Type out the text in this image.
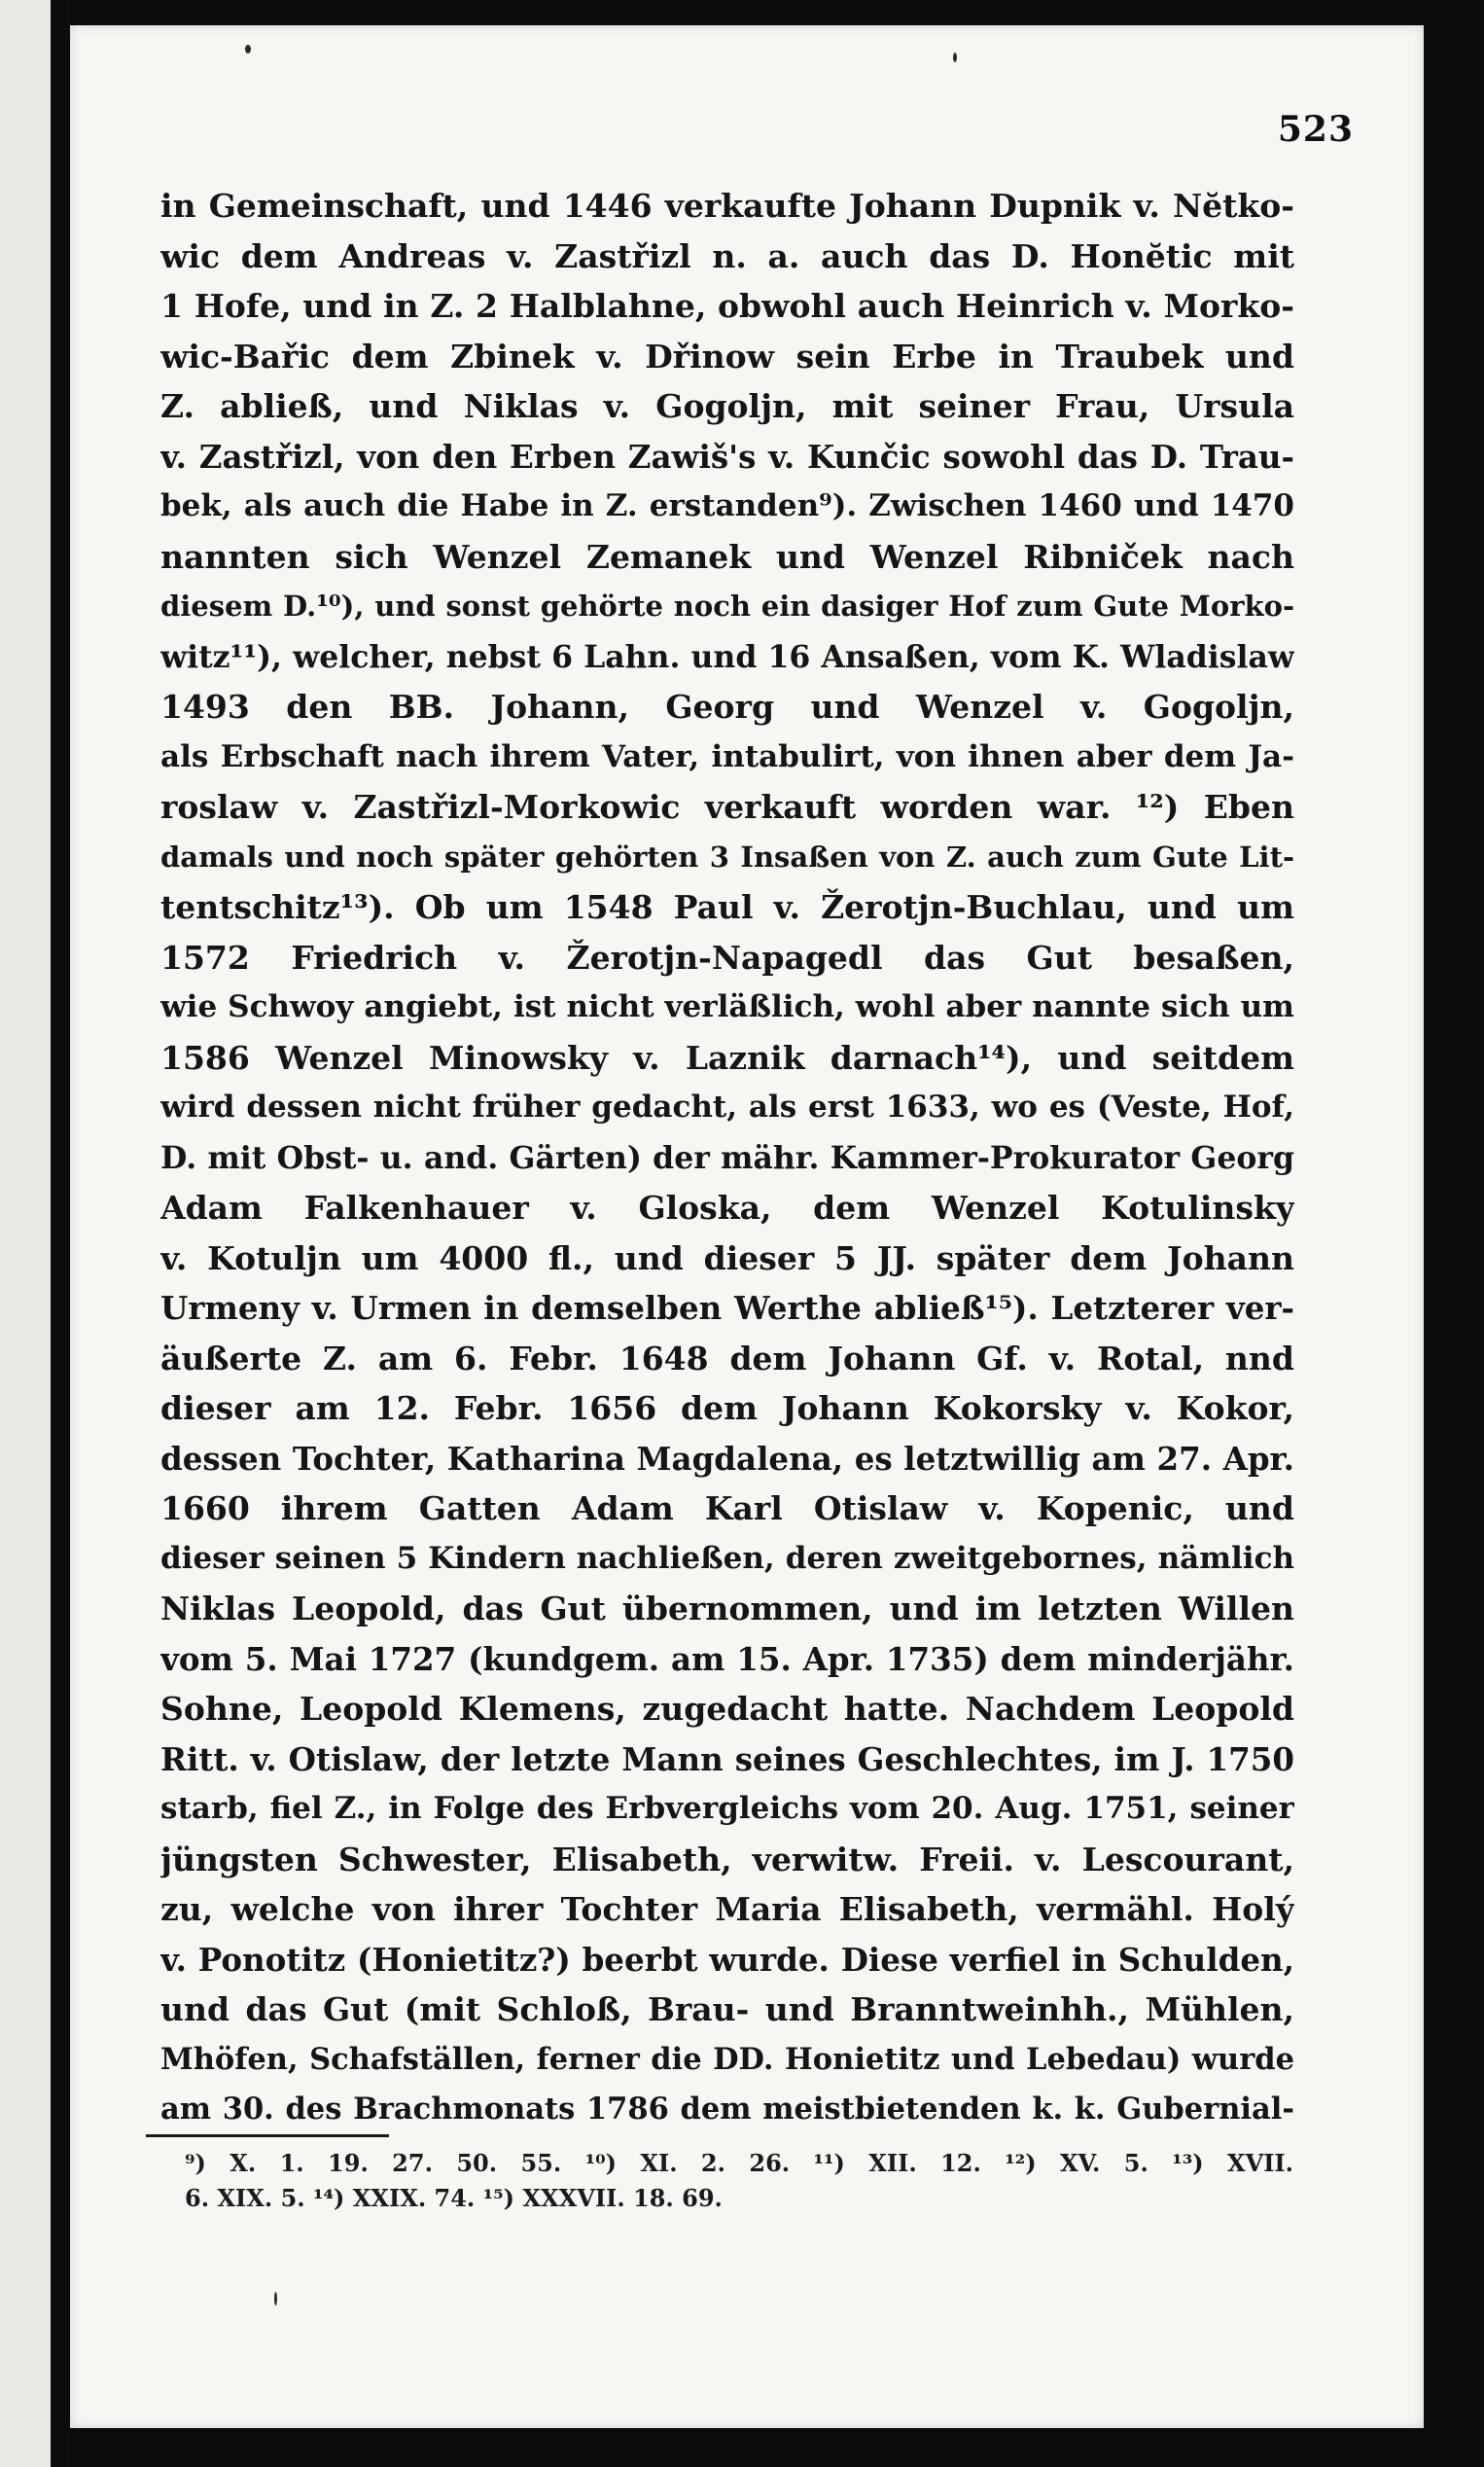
523
in Gemeinschaft, und 1446 verkaufte Johann Dupnik v. Nĕtko-
wic dem Andreas v. Zastřizl n. a. auch das D. Honĕtic mit
1 Hofe, und in Z. 2 Halblahne, obwohl auch Heinrich v. Morko-
wic-Bařic dem Zbinek v. Dřinow sein Erbe in Traubek und
Z. abließ, und Niklas v. Gogoljn, mit seiner Frau, Ursula
v. Zastřizl, von den Erben Zawiš's v. Kunčic sowohl das D. Trau-
bek, als auch die Habe in Z. erstanden⁹). Zwischen 1460 und 1470
nannten sich Wenzel Zemanek und Wenzel Ribniček nach
diesem D.¹⁰), und sonst gehörte noch ein dasiger Hof zum Gute Morko-
witz¹¹), welcher, nebst 6 Lahn. und 16 Ansaßen, vom K. Wladislaw
1493 den BB. Johann, Georg und Wenzel v. Gogoljn,
als Erbschaft nach ihrem Vater, intabulirt, von ihnen aber dem Ja-
roslaw v. Zastřizl-Morkowic verkauft worden war. ¹²) Eben
damals und noch später gehörten 3 Insaßen von Z. auch zum Gute Lit-
tentschitz¹³). Ob um 1548 Paul v. Žerotjn-Buchlau, und um
1572 Friedrich v. Žerotjn-Napagedl das Gut besaßen,
wie Schwoy angiebt, ist nicht verläßlich, wohl aber nannte sich um
1586 Wenzel Minowsky v. Laznik darnach¹⁴), und seitdem
wird dessen nicht früher gedacht, als erst 1633, wo es (Veste, Hof,
D. mit Obst- u. and. Gärten) der mähr. Kammer-Prokurator Georg
Adam Falkenhauer v. Gloska, dem Wenzel Kotulinsky
v. Kotuljn um 4000 fl., und dieser 5 JJ. später dem Johann
Urmeny v. Urmen in demselben Werthe abließ¹⁵). Letzterer ver-
äußerte Z. am 6. Febr. 1648 dem Johann Gf. v. Rotal, nnd
dieser am 12. Febr. 1656 dem Johann Kokorsky v. Kokor,
dessen Tochter, Katharina Magdalena, es letztwillig am 27. Apr.
1660 ihrem Gatten Adam Karl Otislaw v. Kopenic, und
dieser seinen 5 Kindern nachließen, deren zweitgebornes, nämlich
Niklas Leopold, das Gut übernommen, und im letzten Willen
vom 5. Mai 1727 (kundgem. am 15. Apr. 1735) dem minderjähr.
Sohne, Leopold Klemens, zugedacht hatte. Nachdem Leopold
Ritt. v. Otislaw, der letzte Mann seines Geschlechtes, im J. 1750
starb, fiel Z., in Folge des Erbvergleichs vom 20. Aug. 1751, seiner
jüngsten Schwester, Elisabeth, verwitw. Freii. v. Lescourant,
zu, welche von ihrer Tochter Maria Elisabeth, vermähl. Holý
v. Ponotitz (Honietitz?) beerbt wurde. Diese verfiel in Schulden,
und das Gut (mit Schloß, Brau- und Branntweinhh., Mühlen,
Mhöfen, Schafställen, ferner die DD. Honietitz und Lebedau) wurde
am 30. des Brachmonats 1786 dem meistbietenden k. k. Gubernial-
⁹) X. 1. 19. 27. 50. 55. ¹⁰) XI. 2. 26. ¹¹) XII. 12. ¹²) XV. 5. ¹³) XVII.
6. XIX. 5. ¹⁴) XXIX. 74. ¹⁵) XXXVII. 18. 69.
